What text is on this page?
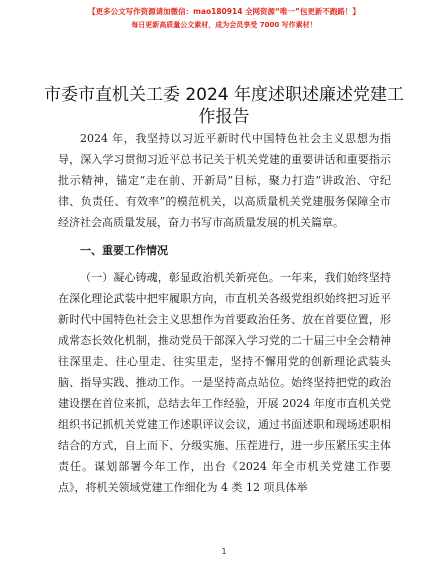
【更多公文写作资源请加微信：mao180914 全网资源“唯一”包更新不跑路！】
每日更新高质量公文素材，成为会员享受 7000 写作素材！
市委市直机关工委 2024 年度述职述廉述党建工作报告

2024 年，我坚持以习近平新时代中国特色社会主义思想为指导，深入学习贯彻习近平总书记关于机关党建的重要讲话和重要指示批示精神，锚定“走在前、开新局”目标，聚力打造“讲政治、守纪律、负责任、有效率”的模范机关，以高质量机关党建服务保障全市经济社会高质量发展，奋力书写市高质量发展的机关篇章。

一、重要工作情况

（一）凝心铸魂，彰显政治机关新亮色。一年来，我们始终坚持在深化理论武装中把牢履职方向，市直机关各级党组织始终把习近平新时代中国特色社会主义思想作为首要政治任务、放在首要位置，形成常态长效化机制，推动党员干部深入学习党的二十届三中全会精神往深里走、往心里走、往实里走，坚持不懈用党的创新理论武装头脑、指导实践、推动工作。一是坚持高点站位。始终坚持把党的政治建设摆在首位来抓，总结去年工作经验，开展 2024 年度市直机关党组织书记抓机关党建工作述职评议会议，通过书面述职和现场述职相结合的方式，自上而下、分级实施、压茬进行，进一步压紧压实主体责任。谋划部署今年工作，出台《2024 年全市机关党建工作要点》，将机关领域党建工作细化为 4 类 12 项具体举

1
